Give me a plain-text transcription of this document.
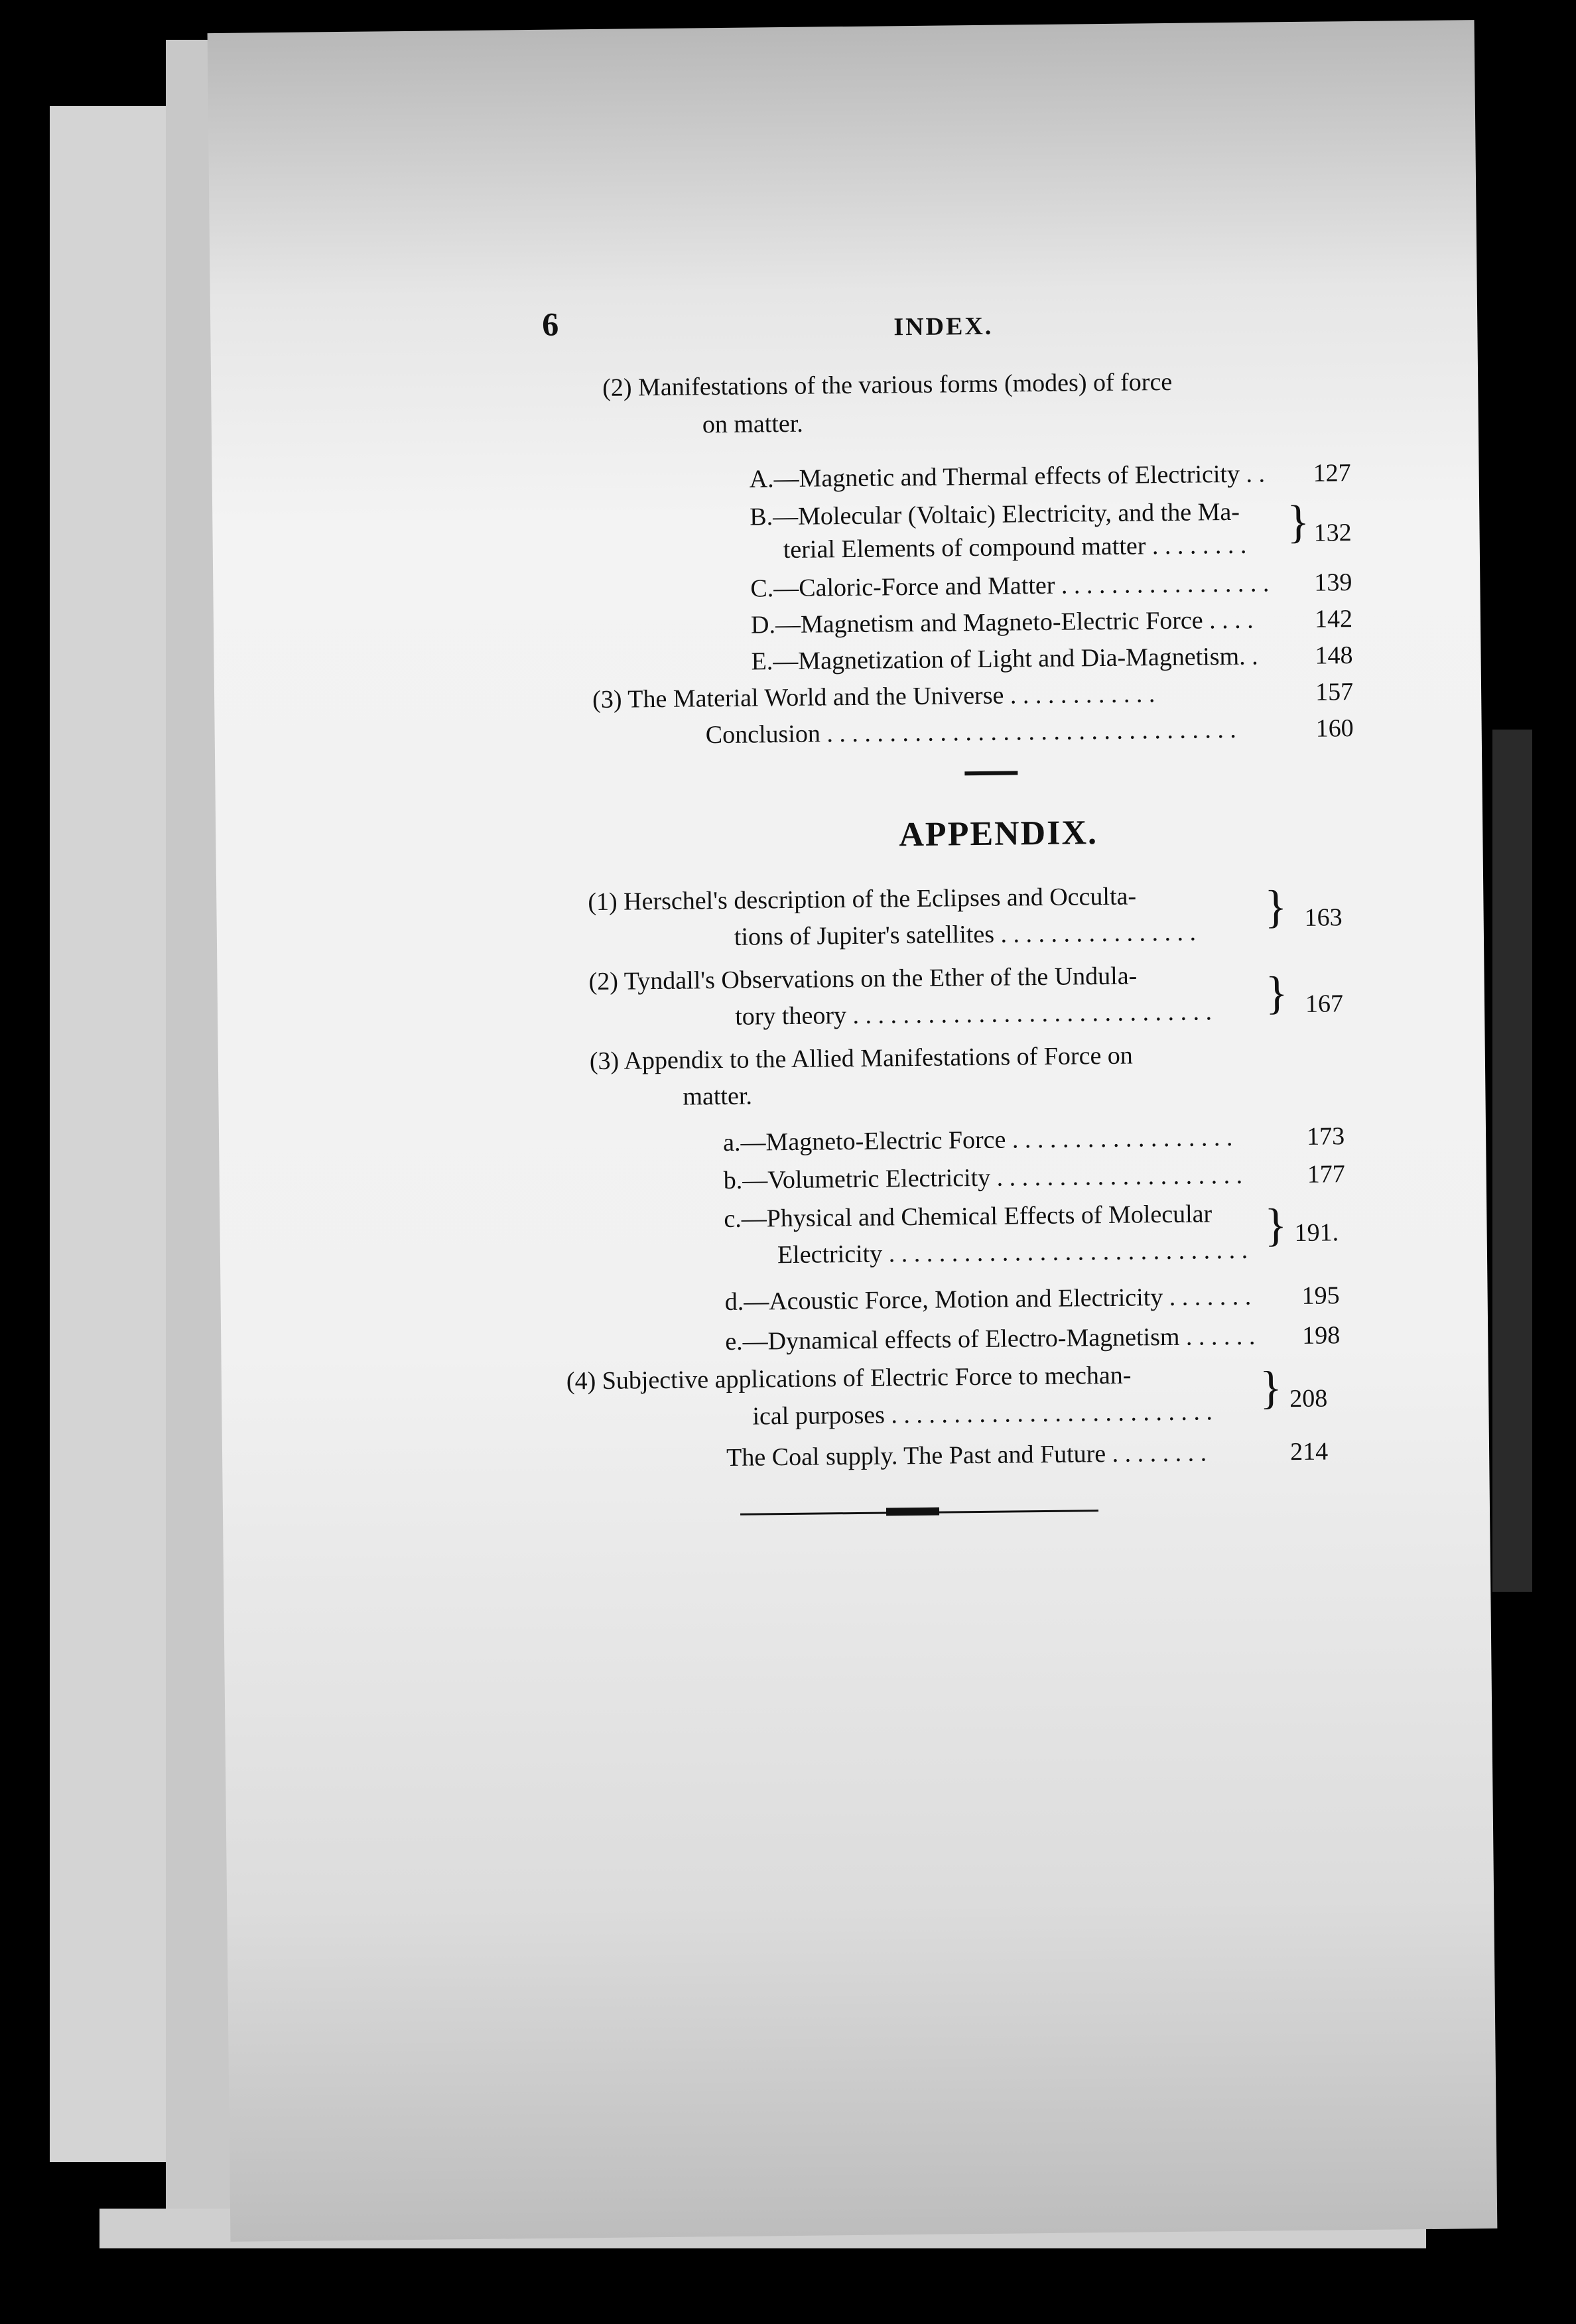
6	INDEX.
(2) Manifestations of the various forms (modes) of force
on matter.
A.—Magnetic and Thermal effects of Electricity . . 127
B.—Molecular (Voltaic) Electricity, and the Ma-
terial Elements of compound matter . . . . . . . . } 132
C.—Caloric-Force and Matter . . . . . . . . . . . . . . . . . 139
D.—Magnetism and Magneto-Electric Force . . . . 142
E.—Magnetization of Light and Dia-Magnetism. . 148
(3) The Material World and the Universe . . . . . . . . . . . .	157
Conclusion . . . . . . . . . . . . . . . . . . . . . . . . . . . . . . . . .	160
APPENDIX.
(1) Herschel's description of the Eclipses and Occulta-
tions of Jupiter's satellites . . . . . . . . . . . . . . . .
} 163
(2) Tyndall's Observations on the Ether of the Undula-
tory theory . . . . . . . . . . . . . . . . . . . . . . . . . . . . . } 167
(3) Appendix to the Allied Manifestations of Force on
matter.
a.—Magneto-Electric Force . . . . . . . . . . . . . . . . . .	173
b.—Volumetric Electricity . . . . . . . . . . . . . . . . . . . .	177
c.—Physical and Chemical Effects of Molecular
Electricity . . . . . . . . . . . . . . . . . . . . . . . . . . . . .
} 191.
d.—Acoustic Force, Motion and Electricity . . . . . . . 195
e.—Dynamical effects of Electro-Magnetism . . . . . . 198
(4) Subjective applications of Electric Force to mechan-
ical purposes . . . . . . . . . . . . . . . . . . . . . . . . . .
} 208
The Coal supply. The Past and Future . . . . . . . .	214
